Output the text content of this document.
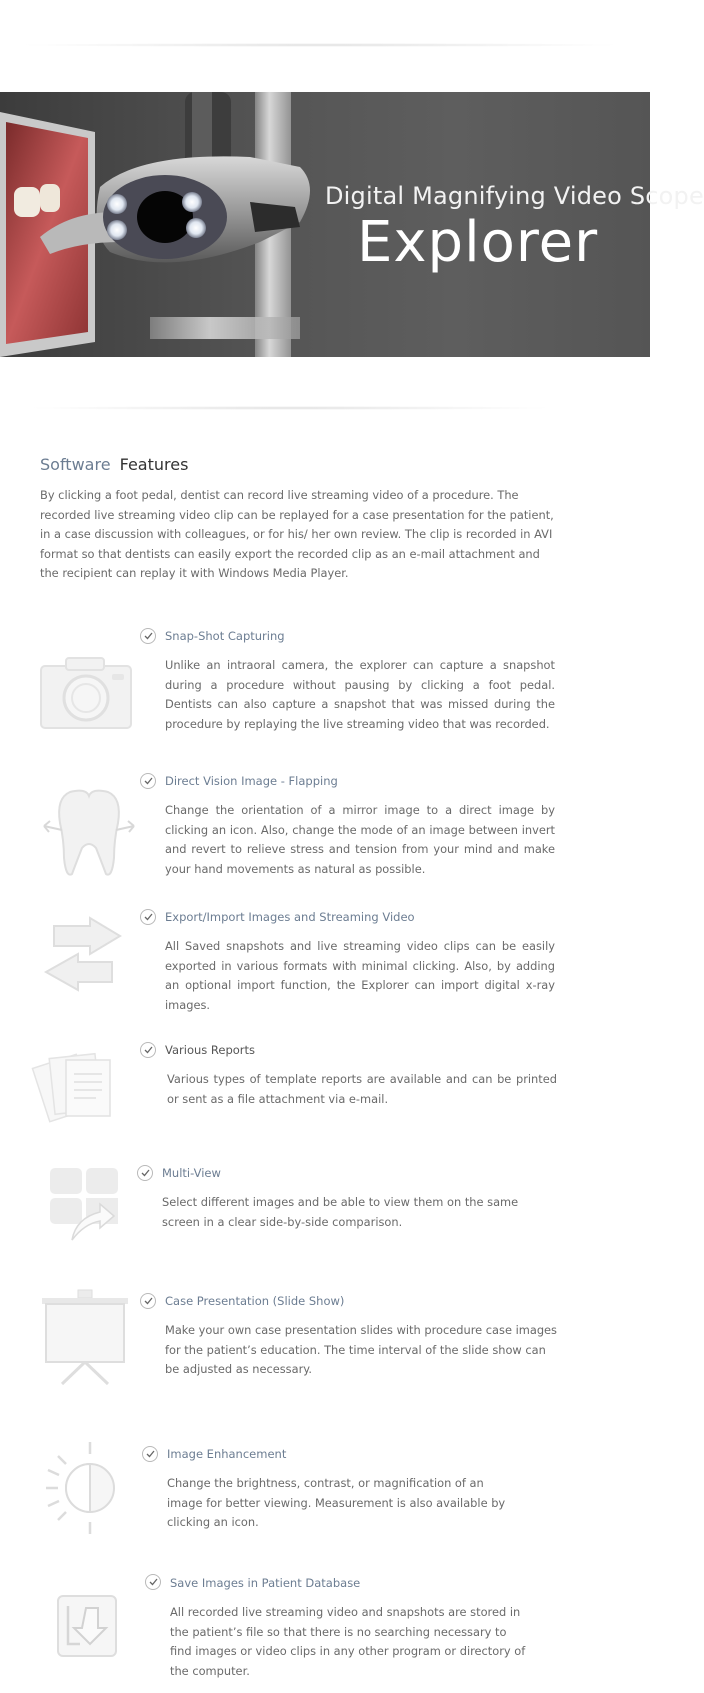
Digital Magnifying Video Scope
Explorer
Software Features
By clicking a foot pedal, dentist can record live streaming video of a procedure. The recorded live streaming video clip can be replayed for a case presentation for the patient, in a case discussion with colleagues, or for his/ her own review. The clip is recorded in AVI format so that dentists can easily export the recorded clip as an e-mail attachment and the recipient can replay it with Windows Media Player.
Snap-Shot Capturing
Unlike an intraoral camera, the explorer can capture a snapshot during a procedure without pausing by clicking a foot pedal. Dentists can also capture a snapshot that was missed during the procedure by replaying the live streaming video that was recorded.
Direct Vision Image - Flapping
Change the orientation of a mirror image to a direct image by clicking an icon. Also, change the mode of an image between invert and revert to relieve stress and tension from your mind and make your hand movements as natural as possible.
Export/Import Images and Streaming Video
All Saved snapshots and live streaming video clips can be easily exported in various formats with minimal clicking. Also, by adding an optional import function, the Explorer can import digital x-ray images.
Various Reports
Various types of template reports are available and can be printed or sent as a file attachment via e-mail.
Multi-View
Select different images and be able to view them on the same screen in a clear side-by-side comparison.
Case Presentation (Slide Show)
Make your own case presentation slides with procedure case images for the patient’s education. The time interval of the slide show can be adjusted as necessary.
Image Enhancement
Change the brightness, contrast, or magnification of an image for better viewing. Measurement is also available by clicking an icon.
Save Images in Patient Database
All recorded live streaming video and snapshots are stored in the patient’s file so that there is no searching necessary to find images or video clips in any other program or directory of the computer.
